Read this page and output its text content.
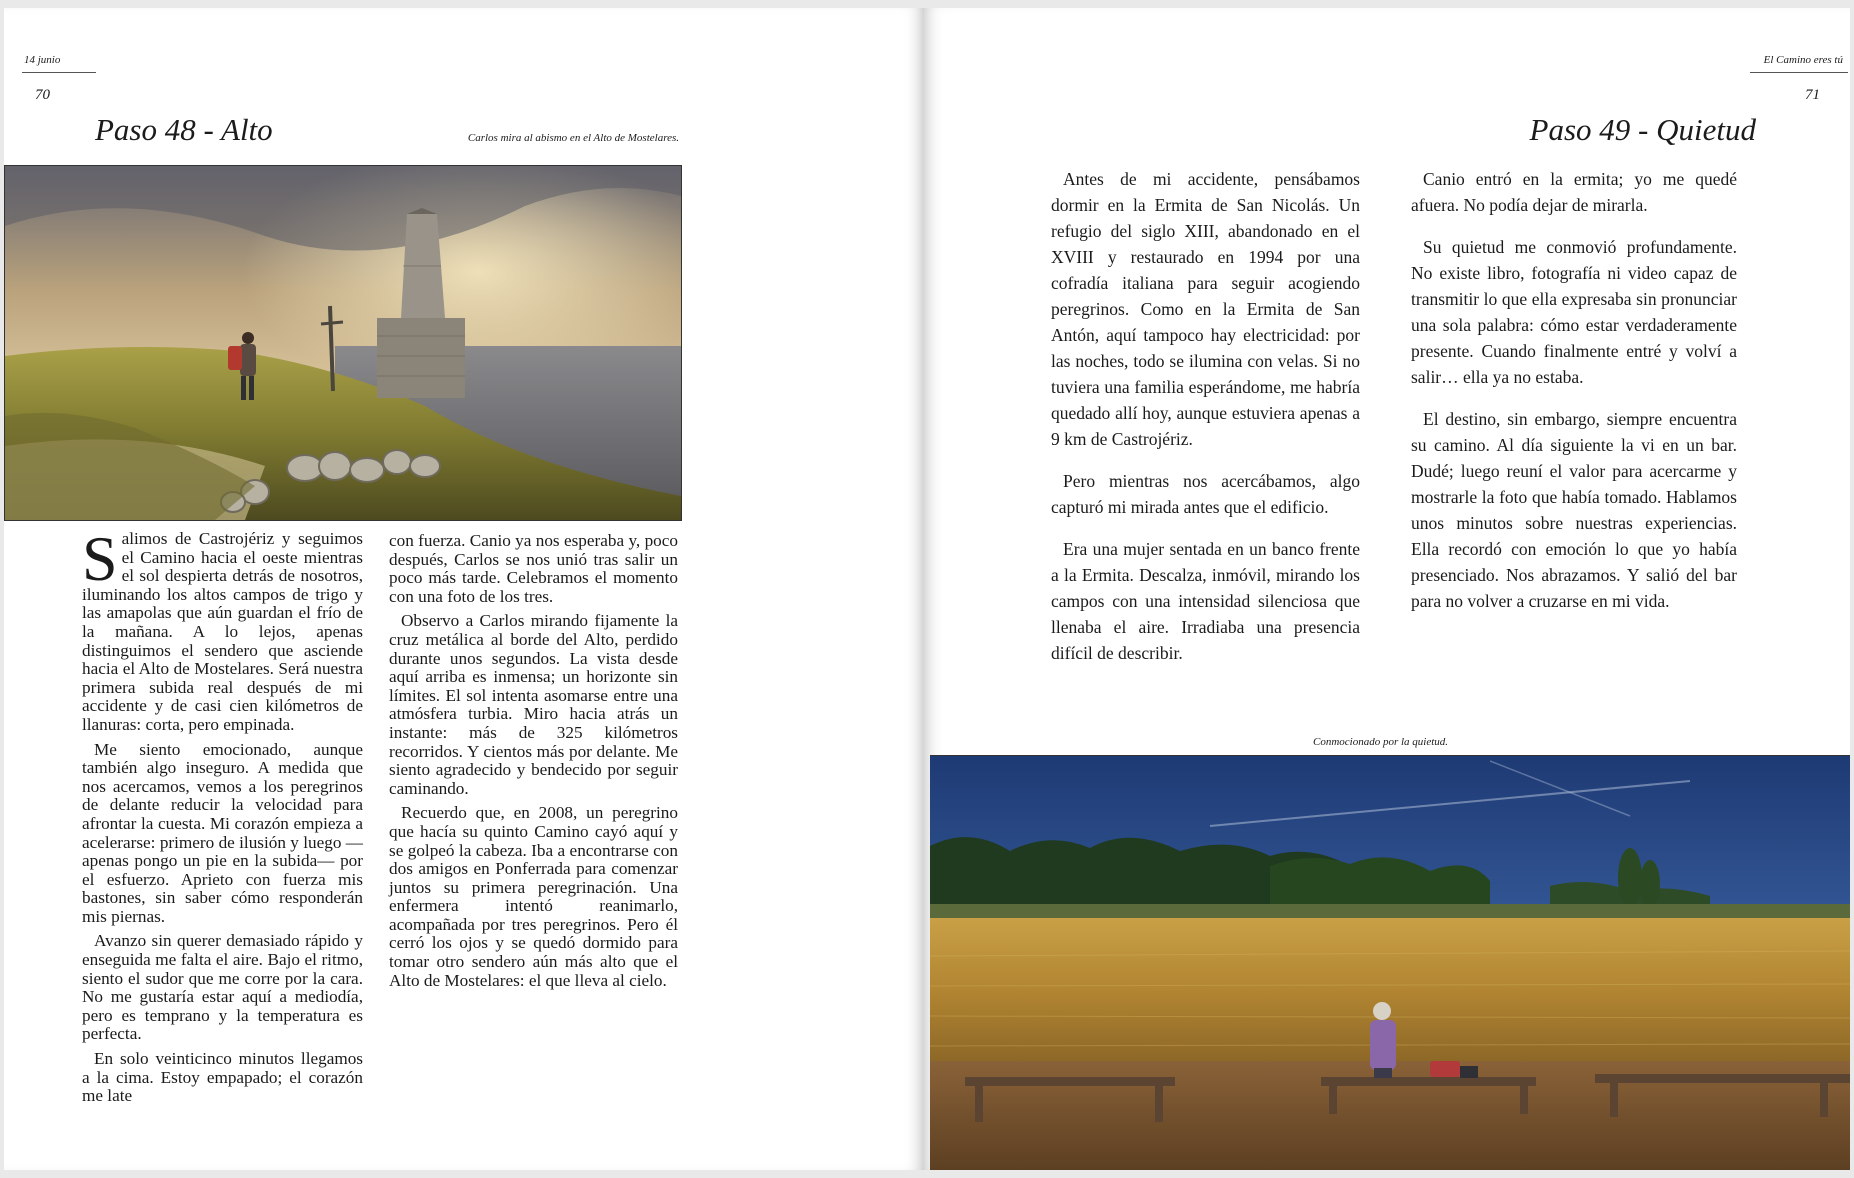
14 junio
70
Paso 48 - Alto	Carlos mira al abismo en el Alto de Mostelares.

Salimos de Castrojériz y seguimos el Camino hacia el oeste mientras el sol despierta detrás de nosotros, iluminando los altos campos de trigo y las amapolas que aún guardan el frío de la mañana. A lo lejos, apenas distinguimos el sendero que asciende hacia el Alto de Mostelares. Será nuestra primera subida real después de mi accidente y de casi cien kilómetros de llanuras: corta, pero empinada.

Me siento emocionado, aunque también algo inseguro. A medida que nos acercamos, vemos a los peregrinos de delante reducir la velocidad para afrontar la cuesta. Mi corazón empieza a acelerarse: primero de ilusión y luego —apenas pongo un pie en la subida— por el esfuerzo. Aprieto con fuerza mis bastones, sin saber cómo responderán mis piernas.

Avanzo sin querer demasiado rápido y enseguida me falta el aire. Bajo el ritmo, siento el sudor que me corre por la cara. No me gustaría estar aquí a mediodía, pero es temprano y la temperatura es perfecta.

En solo veinticinco minutos llegamos a la cima. Estoy empapado; el corazón me late

con fuerza. Canio ya nos esperaba y, poco después, Carlos se nos unió tras salir un poco más tarde. Celebramos el momento con una foto de los tres.

Observo a Carlos mirando fijamente la cruz metálica al borde del Alto, perdido durante unos segundos. La vista desde aquí arriba es inmensa; un horizonte sin límites. El sol intenta asomarse entre una atmósfera turbia. Miro hacia atrás un instante: más de 325 kilómetros recorridos. Y cientos más por delante. Me siento agradecido y bendecido por seguir caminando.

Recuerdo que, en 2008, un peregrino que hacía su quinto Camino cayó aquí y se golpeó la cabeza. Iba a encontrarse con dos amigos en Ponferrada para comenzar juntos su primera peregrinación. Una enfermera intentó reanimarlo, acompañada por tres peregrinos. Pero él cerró los ojos y se quedó dormido para tomar otro sendero aún más alto que el Alto de Mostelares: el que lleva al cielo.

El Camino eres tú
71
Paso 49 - Quietud

Antes de mi accidente, pensábamos dormir en la Ermita de San Nicolás. Un refugio del siglo XIII, abandonado en el XVIII y restaurado en 1994 por una cofradía italiana para seguir acogiendo peregrinos. Como en la Ermita de San Antón, aquí tampoco hay electricidad: por las noches, todo se ilumina con velas. Si no tuviera una familia esperándome, me habría quedado allí hoy, aunque estuviera apenas a 9 km de Castrojériz.

Pero mientras nos acercábamos, algo capturó mi mirada antes que el edificio.

Era una mujer sentada en un banco frente a la Ermita. Descalza, inmóvil, mirando los campos con una intensidad silenciosa que llenaba el aire. Irradiaba una presencia difícil de describir.

Canio entró en la ermita; yo me quedé afuera. No podía dejar de mirarla.

Su quietud me conmovió profundamente. No existe libro, fotografía ni video capaz de transmitir lo que ella expresaba sin pronunciar una sola palabra: cómo estar verdaderamente presente. Cuando finalmente entré y volví a salir… ella ya no estaba.

El destino, sin embargo, siempre encuentra su camino. Al día siguiente la vi en un bar. Dudé; luego reuní el valor para acercarme y mostrarle la foto que había tomado. Hablamos unos minutos sobre nuestras experiencias. Ella recordó con emoción lo que yo había presenciado. Nos abrazamos. Y salió del bar para no volver a cruzarse en mi vida.

Conmocionado por la quietud.
